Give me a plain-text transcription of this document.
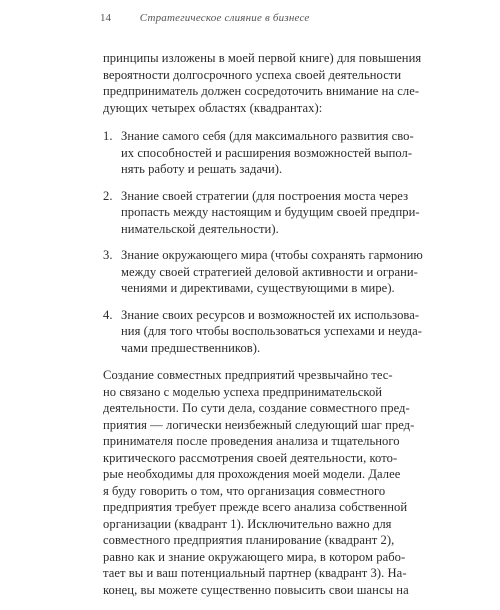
14	Стратегическое слияние в бизнесе

принципы изложены в моей первой книге) для повышения

вероятности долгосрочного успеха своей деятельности

предприниматель должен сосредоточить внимание на сле-

дующих четырех областях (квадрантах):

1. Знание самого себя (для максимального развития сво-

их способностей и расширения возможностей выпол-

нять работу и решать задачи).

2. Знание своей стратегии (для построения моста через

пропасть между настоящим и будущим своей предпри-

нимательской деятельности).

3. Знание окружающего мира (чтобы сохранять гармонию

между своей стратегией деловой активности и ограни-

чениями и директивами, существующими в мире).

4. Знание своих ресурсов и возможностей их использова-

ния (для того чтобы воспользоваться успехами и неуда-

чами предшественников).

Создание совместных предприятий чрезвычайно тес-

но связано с моделью успеха предпринимательской

деятельности. По сути дела, создание совместного пред-

приятия — логически неизбежный следующий шаг пред-

принимателя после проведения анализа и тщательного

критического рассмотрения своей деятельности, кото-

рые необходимы для прохождения моей модели. Далее

я буду говорить о том, что организация совместного

предприятия требует прежде всего анализа собственной

организации (квадрант 1). Исключительно важно для

совместного предприятия планирование (квадрант 2),

равно как и знание окружающего мира, в котором рабо-

тает вы и ваш потенциальный партнер (квадрант 3). На-

конец, вы можете существенно повысить свои шансы на
